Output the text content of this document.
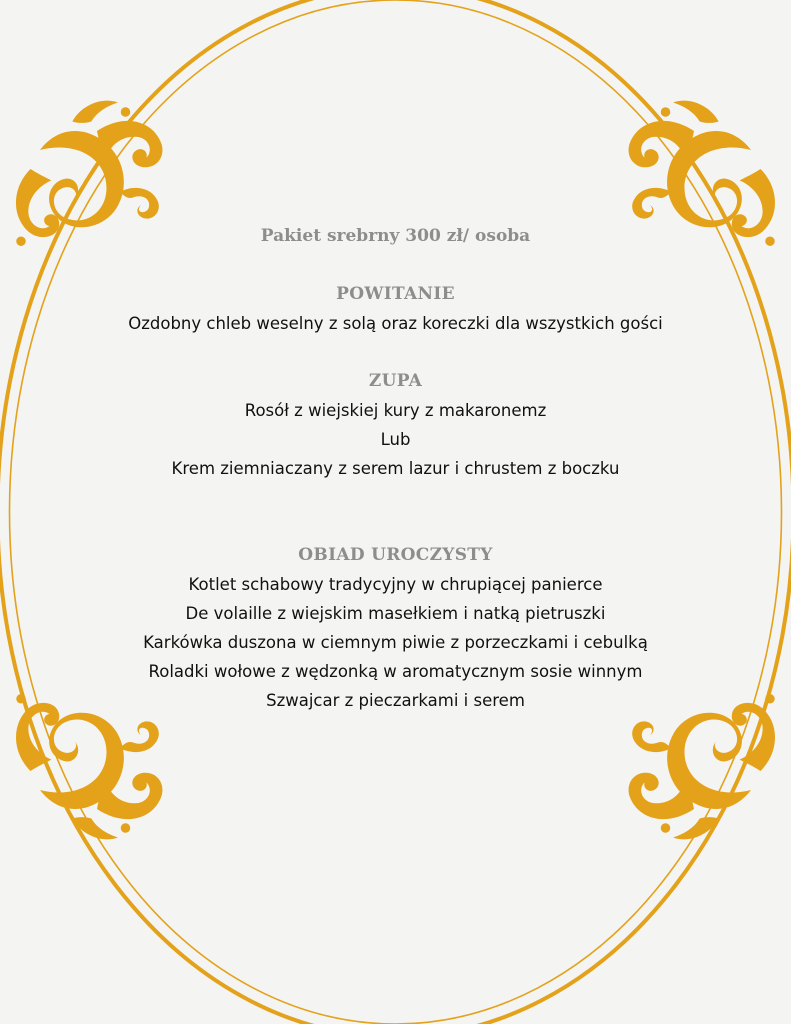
Pakiet srebrny 300 zł/ osoba

POWITANIE

Ozdobny chleb weselny z solą oraz koreczki dla wszystkich gości

ZUPA

Rosół z wiejskiej kury z makaronemz

Lub

Krem ziemniaczany z serem lazur i chrustem z boczku

OBIAD UROCZYSTY

Kotlet schabowy tradycyjny w chrupiącej panierce

De volaille z wiejskim masełkiem i natką pietruszki

Karkówka duszona w ciemnym piwie z porzeczkami i cebulką

Roladki wołowe z wędzonką w aromatycznym sosie winnym

Szwajcar z pieczarkami i serem
